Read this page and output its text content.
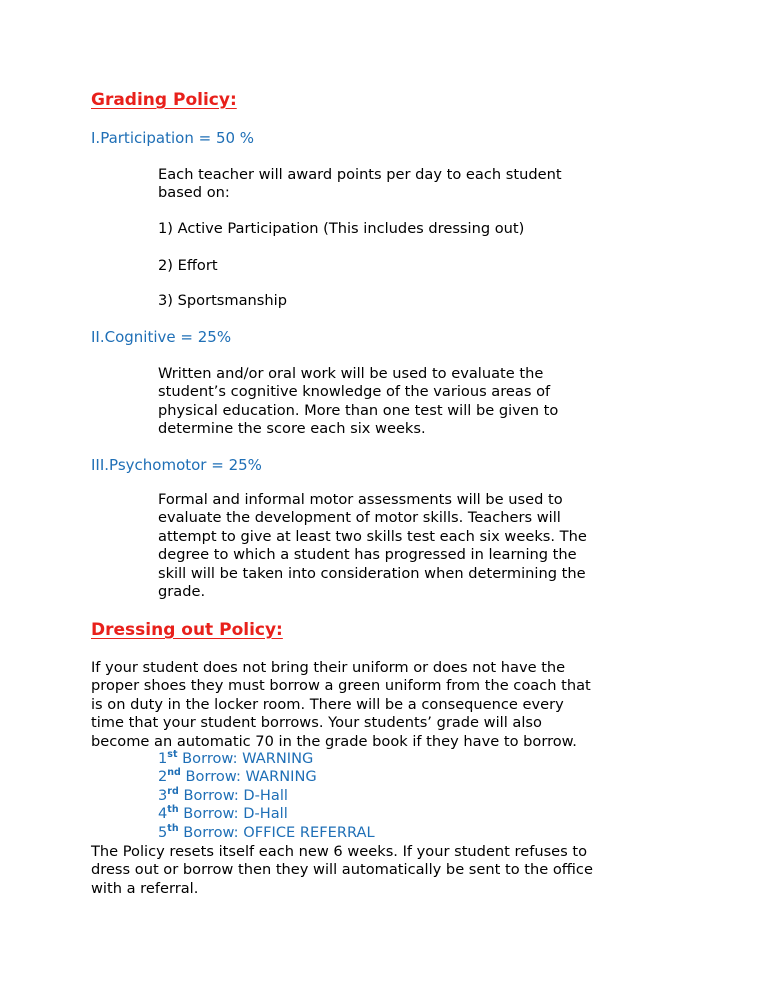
Grading Policy:
I.Participation = 50 %
Each teacher will award points per day to each student
based on:
1) Active Participation (This includes dressing out)
2) Effort
3) Sportsmanship
II.Cognitive = 25%
Written and/or oral work will be used to evaluate the
student’s cognitive knowledge of the various areas of
physical education. More than one test will be given to
determine the score each six weeks.
III.Psychomotor = 25%
Formal and informal motor assessments will be used to
evaluate the development of motor skills. Teachers will
attempt to give at least two skills test each six weeks. The
degree to which a student has progressed in learning the
skill will be taken into consideration when determining the
grade.
Dressing out Policy:
If your student does not bring their uniform or does not have the
proper shoes they must borrow a green uniform from the coach that
is on duty in the locker room. There will be a consequence every
time that your student borrows. Your students’ grade will also
become an automatic 70 in the grade book if they have to borrow.
1st Borrow: WARNING
2nd Borrow: WARNING
3rd Borrow: D-Hall
4th Borrow: D-Hall
5th Borrow: OFFICE REFERRAL
The Policy resets itself each new 6 weeks. If your student refuses to
dress out or borrow then they will automatically be sent to the office
with a referral.
